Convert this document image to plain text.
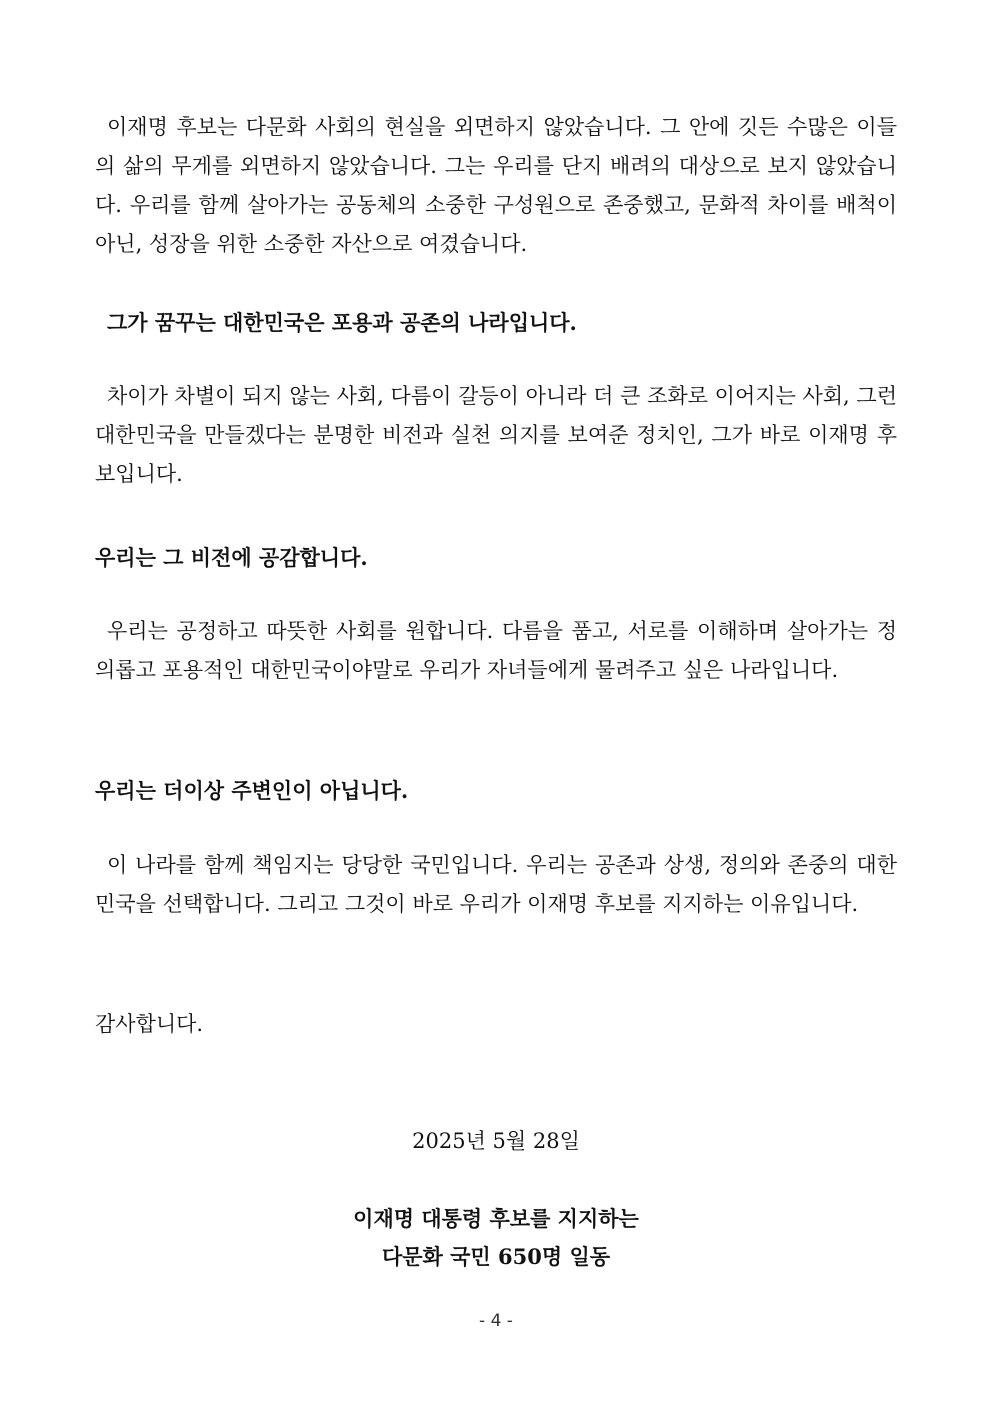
이재명 후보는 다문화 사회의 현실을 외면하지 않았습니다. 그 안에 깃든 수많은 이들의 삶의 무게를 외면하지 않았습니다. 그는 우리를 단지 배려의 대상으로 보지 않았습니다. 우리를 함께 살아가는 공동체의 소중한 구성원으로 존중했고, 문화적 차이를 배척이 아닌, 성장을 위한 소중한 자산으로 여겼습니다.

그가 꿈꾸는 대한민국은 포용과 공존의 나라입니다.

차이가 차별이 되지 않는 사회, 다름이 갈등이 아니라 더 큰 조화로 이어지는 사회, 그런 대한민국을 만들겠다는 분명한 비전과 실천 의지를 보여준 정치인, 그가 바로 이재명 후보입니다.

우리는 그 비전에 공감합니다.

우리는 공정하고 따뜻한 사회를 원합니다. 다름을 품고, 서로를 이해하며 살아가는 정의롭고 포용적인 대한민국이야말로 우리가 자녀들에게 물려주고 싶은 나라입니다.

우리는 더이상 주변인이 아닙니다.

이 나라를 함께 책임지는 당당한 국민입니다. 우리는 공존과 상생, 정의와 존중의 대한민국을 선택합니다. 그리고 그것이 바로 우리가 이재명 후보를 지지하는 이유입니다.

감사합니다.

2025년 5월 28일

이재명 대통령 후보를 지지하는

다문화 국민 650명 일동

- 4 -
